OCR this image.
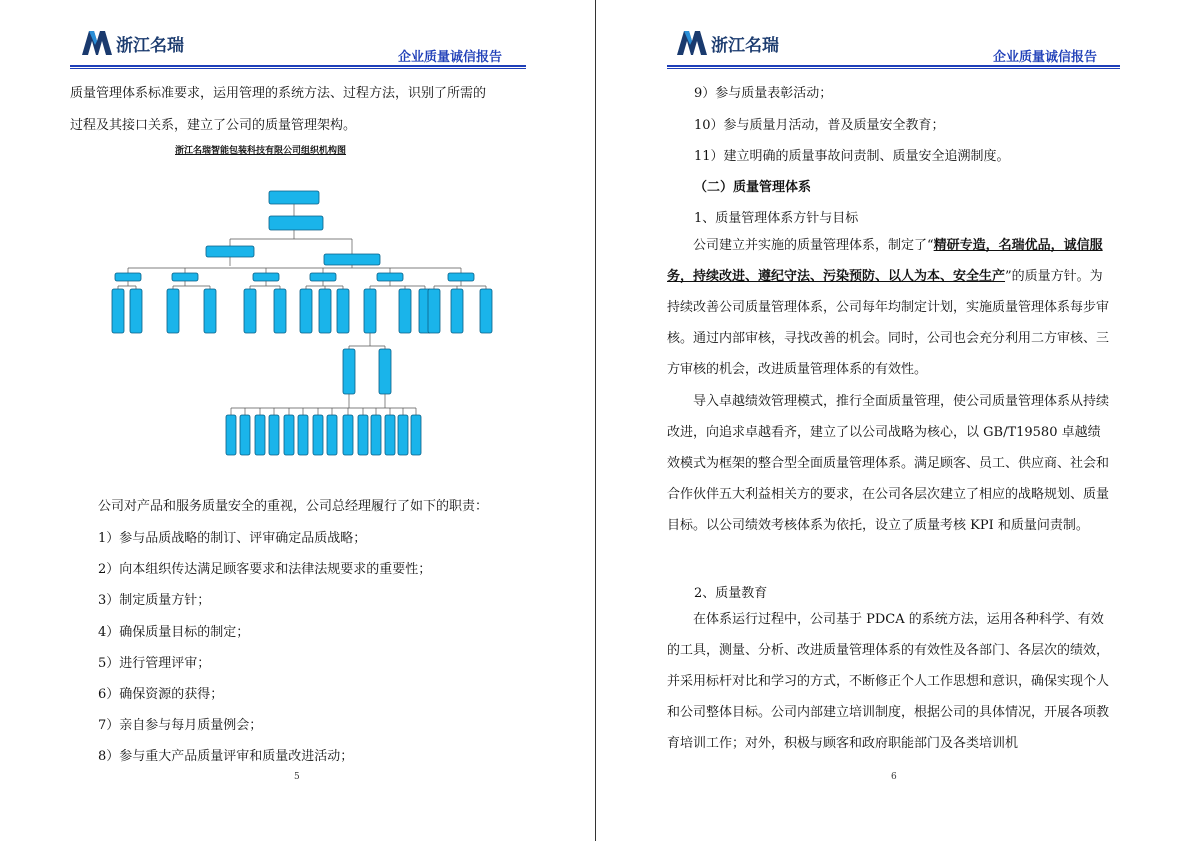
浙江名瑞
企业质量诚信报告
质量管理体系标准要求，运用管理的系统方法、过程方法，识别了所需的
过程及其接口关系，建立了公司的质量管理架构。
浙江名瑞智能包装科技有限公司组织机构图
公司对产品和服务质量安全的重视，公司总经理履行了如下的职责：
1）参与品质战略的制订、评审确定品质战略；
2）向本组织传达满足顾客要求和法律法规要求的重要性；
3）制定质量方针；
4）确保质量目标的制定；
5）进行管理评审；
6）确保资源的获得；
7）亲自参与每月质量例会；
8）参与重大产品质量评审和质量改进活动；
5
浙江名瑞
企业质量诚信报告
9）参与质量表彰活动；
10）参与质量月活动，普及质量安全教育；
11）建立明确的质量事故问责制、质量安全追溯制度。
（二）质量管理体系
1、质量管理体系方针与目标

公司建立并实施的质量管理体系，制定了“精研专造，名瑞优品，诚信服务，持续改进、遵纪守法、污染预防、以人为本、安全生产”的质量方针。为持续改善公司质量管理体系，公司每年均制定计划，实施质量管理体系每步审核。通过内部审核，寻找改善的机会。同时，公司也会充分利用二方审核、三方审核的机会，改进质量管理体系的有效性。

导入卓越绩效管理模式，推行全面质量管理，使公司质量管理体系从持续改进，向追求卓越看齐，建立了以公司战略为核心，以 GB/T19580 卓越绩效模式为框架的整合型全面质量管理体系。满足顾客、员工、供应商、社会和合作伙伴五大利益相关方的要求，在公司各层次建立了相应的战略规划、质量目标。以公司绩效考核体系为依托，设立了质量考核 KPI 和质量问责制。

2、质量教育

在体系运行过程中，公司基于 PDCA 的系统方法，运用各种科学、有效的工具，测量、分析、改进质量管理体系的有效性及各部门、各层次的绩效，并采用标杆对比和学习的方式，不断修正个人工作思想和意识，确保实现个人和公司整体目标。公司内部建立培训制度，根据公司的具体情况，开展各项教育培训工作；对外，积极与顾客和政府职能部门及各类培训机

6
